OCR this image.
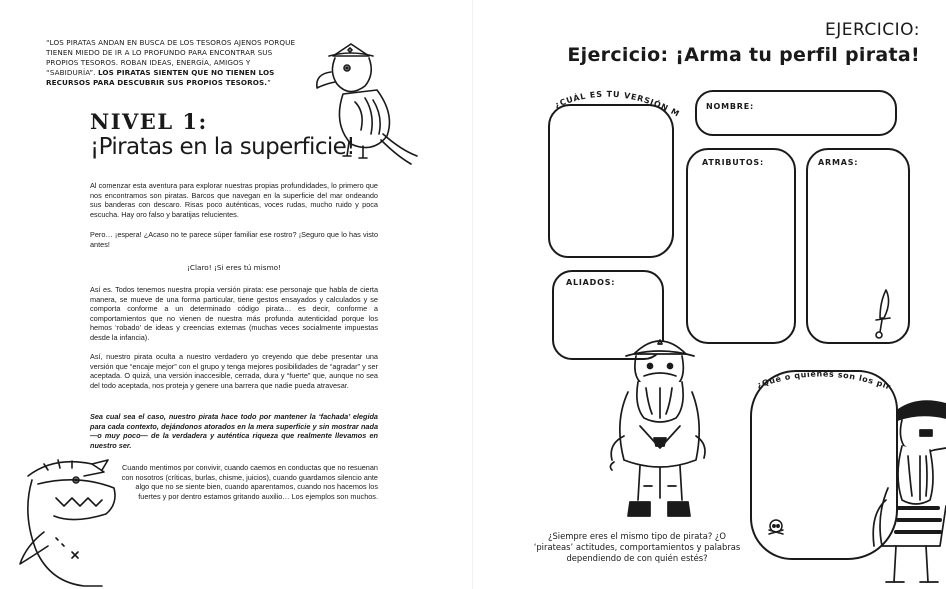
“LOS PIRATAS ANDAN EN BUSCA DE LOS TESOROS AJENOS PORQUE TIENEN MIEDO DE IR A LO PROFUNDO PARA ENCONTRAR SUS PROPIOS TESOROS. ROBAN IDEAS, ENERGÍA, AMIGOS Y “SABIDURÍA”. LOS PIRATAS SIENTEN QUE NO TIENEN LOS RECURSOS PARA DESCUBRIR SUS PROPIOS TESOROS.”
NIVEL 1:
¡Piratas en la superficie!
Al comenzar esta aventura para explorar nuestras propias profundidades, lo primero que nos encontramos son piratas. Barcos que navegan en la superficie del mar ondeando sus banderas con descaro. Risas poco auténticas, voces rudas, mucho ruido y poca escucha. Hay oro falso y baratijas relucientes.
Pero… ¡espera! ¿Acaso no te parece súper familiar ese rostro? ¡Seguro que lo has visto antes!
¡Claro! ¡Si eres tú mismo!
Así es. Todos tenemos nuestra propia versión pirata: ese personaje que habla de cierta manera, se mueve de una forma particular, tiene gestos ensayados y calculados y se comporta conforme a un determinado código pirata… es decir, conforme a comportamientos que no vienen de nuestra más profunda autenticidad porque los hemos ‘robado’ de ideas y creencias externas (muchas veces socialmente impuestas desde la infancia).
Así, nuestro pirata oculta a nuestro verdadero yo creyendo que debe presentar una versión que “encaje mejor” con el grupo y tenga mejores posibilidades de “agradar” y ser aceptada. O quizá, una versión inaccesible, cerrada, dura y “fuerte” que, aunque no sea del todo aceptada, nos proteja y genere una barrera que nadie pueda atravesar.
Sea cual sea el caso, nuestro pirata hace todo por mantener la ‘fachada’ elegida para cada contexto, dejándonos atorados en la mera superficie y sin mostrar nada —o muy poco— de la verdadera y auténtica riqueza que realmente llevamos en nuestro ser.
Cuando mentimos por convivir, cuando caemos en conductas que no resuenan con nosotros (críticas, burlas, chisme, juicios), cuando guardamos silencio ante algo que no se siente bien, cuando aparentamos, cuando nos hacemos los fuertes y por dentro estamos gritando auxilio… Los ejemplos son muchos.
EJERCICIO:
Ejercicio: ¡Arma tu perfil pirata!
¿CUÁL ES TU VERSIÓN MÁS PIRATA?
NOMBRE:
ATRIBUTOS:	ARMAS:
ALIADOS:
¿Qué o quiénes son los piratas en tu vida?
¿Siempre eres el mismo tipo de pirata? ¿O ‘pirateas’ actitudes, comportamientos y palabras dependiendo de con quién estés?
